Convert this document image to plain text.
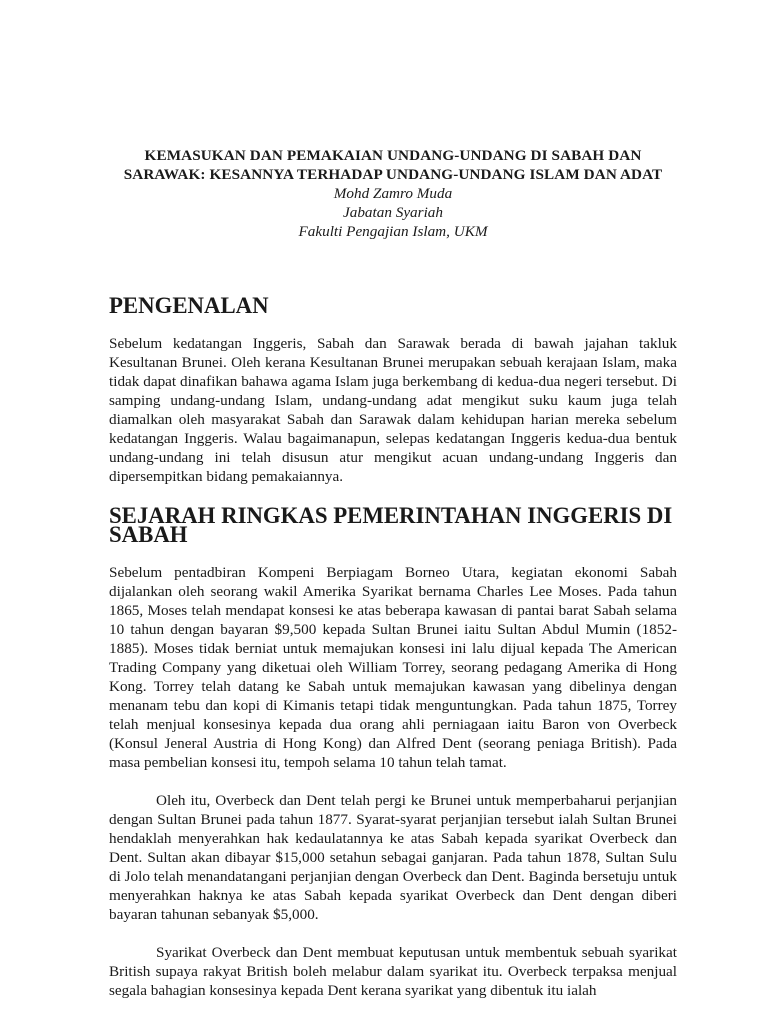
KEMASUKAN DAN PEMAKAIAN UNDANG-UNDANG DI SABAH DAN
SARAWAK: KESANNYA TERHADAP UNDANG-UNDANG ISLAM DAN ADAT
Mohd Zamro Muda
Jabatan Syariah
Fakulti Pengajian Islam, UKM
PENGENALAN

Sebelum kedatangan Inggeris, Sabah dan Sarawak berada di bawah jajahan takluk Kesultanan Brunei. Oleh kerana Kesultanan Brunei merupakan sebuah kerajaan Islam, maka tidak dapat dinafikan bahawa agama Islam juga berkembang di kedua-dua negeri tersebut. Di samping undang-undang Islam, undang-undang adat mengikut suku kaum juga telah diamalkan oleh masyarakat Sabah dan Sarawak dalam kehidupan harian mereka sebelum kedatangan Inggeris. Walau bagaimanapun, selepas kedatangan Inggeris kedua-dua bentuk undang-undang ini telah disusun atur mengikut acuan undang-undang Inggeris dan dipersempitkan bidang pemakaiannya.

SEJARAH RINGKAS PEMERINTAHAN INGGERIS DI SABAH

Sebelum pentadbiran Kompeni Berpiagam Borneo Utara, kegiatan ekonomi Sabah dijalankan oleh seorang wakil Amerika Syarikat bernama Charles Lee Moses. Pada tahun 1865, Moses telah mendapat konsesi ke atas beberapa kawasan di pantai barat Sabah selama 10 tahun dengan bayaran $9,500 kepada Sultan Brunei iaitu Sultan Abdul Mumin (1852-1885). Moses tidak berniat untuk memajukan konsesi ini lalu dijual kepada The American Trading Company yang diketuai oleh William Torrey, seorang pedagang Amerika di Hong Kong. Torrey telah datang ke Sabah untuk memajukan kawasan yang dibelinya dengan menanam tebu dan kopi di Kimanis tetapi tidak menguntungkan. Pada tahun 1875, Torrey telah menjual konsesinya kepada dua orang ahli perniagaan iaitu Baron von Overbeck (Konsul Jeneral Austria di Hong Kong) dan Alfred Dent (seorang peniaga British). Pada masa pembelian konsesi itu, tempoh selama 10 tahun telah tamat.

Oleh itu, Overbeck dan Dent telah pergi ke Brunei untuk memperbaharui perjanjian dengan Sultan Brunei pada tahun 1877. Syarat-syarat perjanjian tersebut ialah Sultan Brunei hendaklah menyerahkan hak kedaulatannya ke atas Sabah kepada syarikat Overbeck dan Dent. Sultan akan dibayar $15,000 setahun sebagai ganjaran. Pada tahun 1878, Sultan Sulu di Jolo telah menandatangani perjanjian dengan Overbeck dan Dent. Baginda bersetuju untuk menyerahkan haknya ke atas Sabah kepada syarikat Overbeck dan Dent dengan diberi bayaran tahunan sebanyak $5,000.

Syarikat Overbeck dan Dent membuat keputusan untuk membentuk sebuah syarikat British supaya rakyat British boleh melabur dalam syarikat itu. Overbeck terpaksa menjual segala bahagian konsesinya kepada Dent kerana syarikat yang dibentuk itu ialah
